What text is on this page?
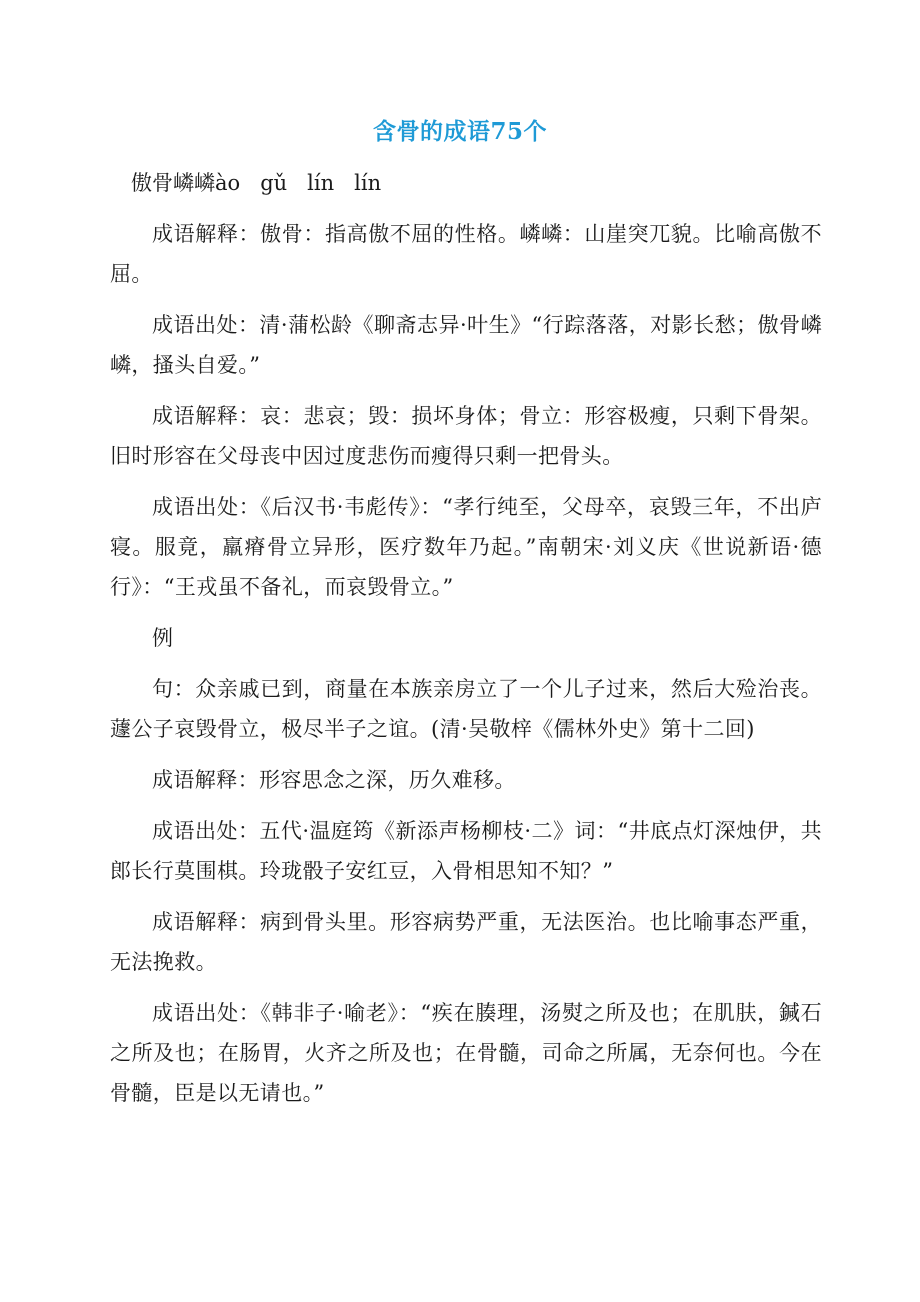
含骨的成语75个
傲骨嶙嶙ào   gǔ   lín   lín

成语解释：傲骨：指高傲不屈的性格。嶙嶙：山崖突兀貌。比喻高傲不屈。

成语出处：清·蒲松龄《聊斋志异·叶生》“行踪落落，对影长愁；傲骨嶙嶙，搔头自爱。”

成语解释：哀：悲哀；毁：损坏身体；骨立：形容极瘦，只剩下骨架。旧时形容在父母丧中因过度悲伤而瘦得只剩一把骨头。

成语出处：《后汉书·韦彪传》：“孝行纯至，父母卒，哀毁三年，不出庐寝。服竟，羸瘠骨立异形，医疗数年乃起。”南朝宋·刘义庆《世说新语·德行》：“王戎虽不备礼，而哀毁骨立。”

例

句：众亲戚已到，商量在本族亲房立了一个儿子过来，然后大殓治丧。蘧公子哀毁骨立，极尽半子之谊。(清·吴敬梓《儒林外史》第十二回)

成语解释：形容思念之深，历久难移。

成语出处：五代·温庭筠《新添声杨柳枝·二》词：“井底点灯深烛伊，共郎长行莫围棋。玲珑骰子安红豆，入骨相思知不知？”

成语解释：病到骨头里。形容病势严重，无法医治。也比喻事态严重，无法挽救。

成语出处：《韩非子·喻老》：“疾在腠理，汤熨之所及也；在肌肤，鍼石之所及也；在肠胃，火齐之所及也；在骨髓，司命之所属，无奈何也。今在骨髓，臣是以无请也。”
